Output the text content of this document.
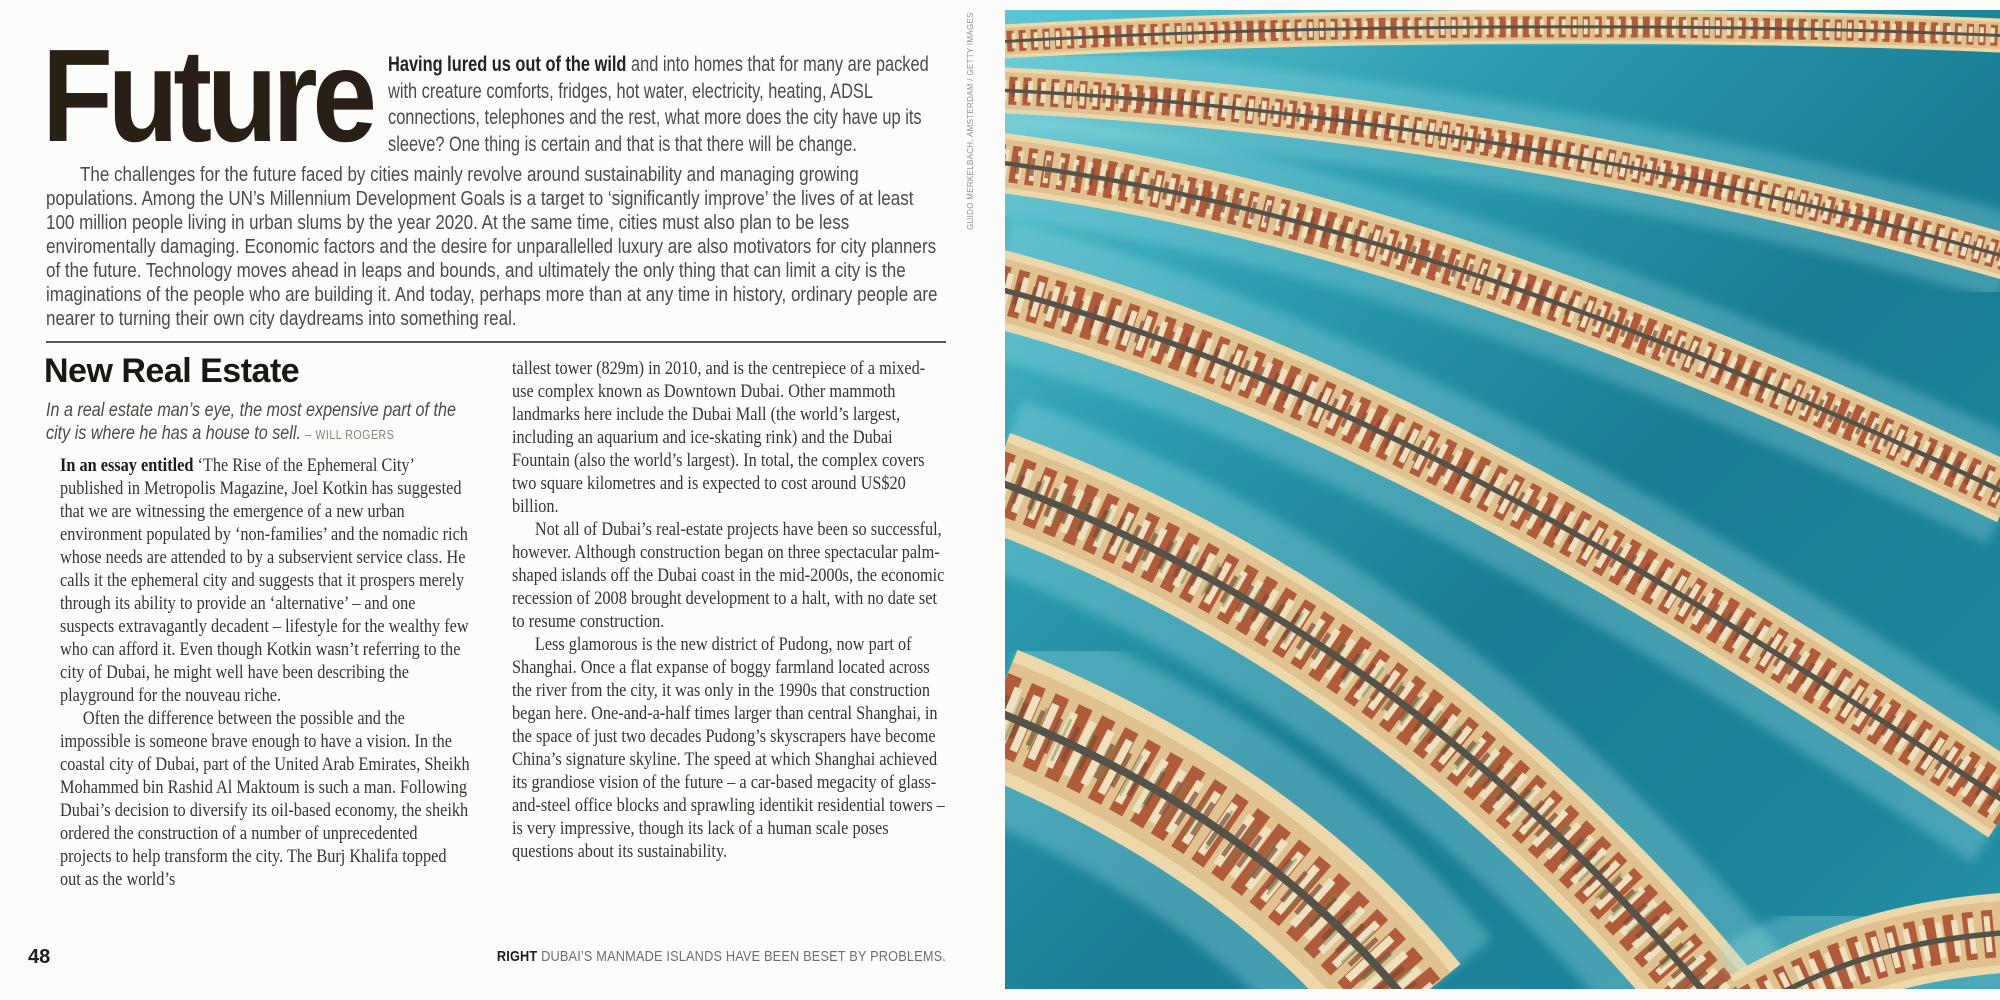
Future Having lured us out of the wild and into homes that for many are packed with creature comforts, fridges, hot water, electricity, heating, ADSL connections, telephones and the rest, what more does the city have up its sleeve? One thing is certain and that is that there will be change.
The challenges for the future faced by cities mainly revolve around sustainability and managing growing populations. Among the UN’s Millennium Development Goals is a target to ‘significantly improve’ the lives of at least 100 million people living in urban slums by the year 2020. At the same time, cities must also plan to be less enviromentally damaging. Economic factors and the desire for unparallelled luxury are also motivators for city planners of the future. Technology moves ahead in leaps and bounds, and ultimately the only thing that can limit a city is the imaginations of the people who are building it. And today, perhaps more than at any time in history, ordinary people are nearer to turning their own city daydreams into something real.
New Real Estate
In a real estate man’s eye, the most expensive part of the
city is where he has a house to sell. – WILL ROGERS

In an essay entitled ‘The Rise of the Ephemeral City’ published in Metropolis Magazine, Joel Kotkin has suggested that we are witnessing the emergence of a new urban environment populated by ‘non-families’ and the nomadic rich whose needs are attended to by a subservient service class. He calls it the ephemeral city and suggests that it prospers merely through its ability to provide an ‘alternative’ – and one suspects extravagantly decadent – lifestyle for the wealthy few who can afford it. Even though Kotkin wasn’t referring to the city of Dubai, he might well have been describing the playground for the nouveau riche.

Often the difference between the possible and the impossible is someone brave enough to have a vision. In the coastal city of Dubai, part of the United Arab Emirates, Sheikh Mohammed bin Rashid Al Maktoum is such a man. Following Dubai’s decision to diversify its oil-based economy, the sheikh ordered the construction of a number of unprecedented projects to help transform the city. The Burj Khalifa topped out as the world’s

tallest tower (829m) in 2010, and is the centrepiece of a mixed-use complex known as Downtown Dubai. Other mammoth landmarks here include the Dubai Mall (the world’s largest, including an aquarium and ice-skating rink) and the Dubai Fountain (also the world’s largest). In total, the complex covers two square kilometres and is expected to cost around US$20 billion.

Not all of Dubai’s real-estate projects have been so successful, however. Although construction began on three spectacular palm-shaped islands off the Dubai coast in the mid-2000s, the economic recession of 2008 brought development to a halt, with no date set to resume construction.

Less glamorous is the new district of Pudong, now part of Shanghai. Once a flat expanse of boggy farmland located across the river from the city, it was only in the 1990s that construction began here. One-and-a-half times larger than central Shanghai, in the space of just two decades Pudong’s skyscrapers have become China’s signature skyline. The speed at which Shanghai achieved its grandiose vision of the future – a car-based megacity of glass-and-steel office blocks and sprawling identikit residential towers – is very impressive, though its lack of a human scale poses questions about its sustainability.

48	RIGHT DUBAI’S MANMADE ISLANDS HAVE BEEN BESET BY PROBLEMS.
GUIDO MERKELBACH, AMSTERDAM / GETTY IMAGES
